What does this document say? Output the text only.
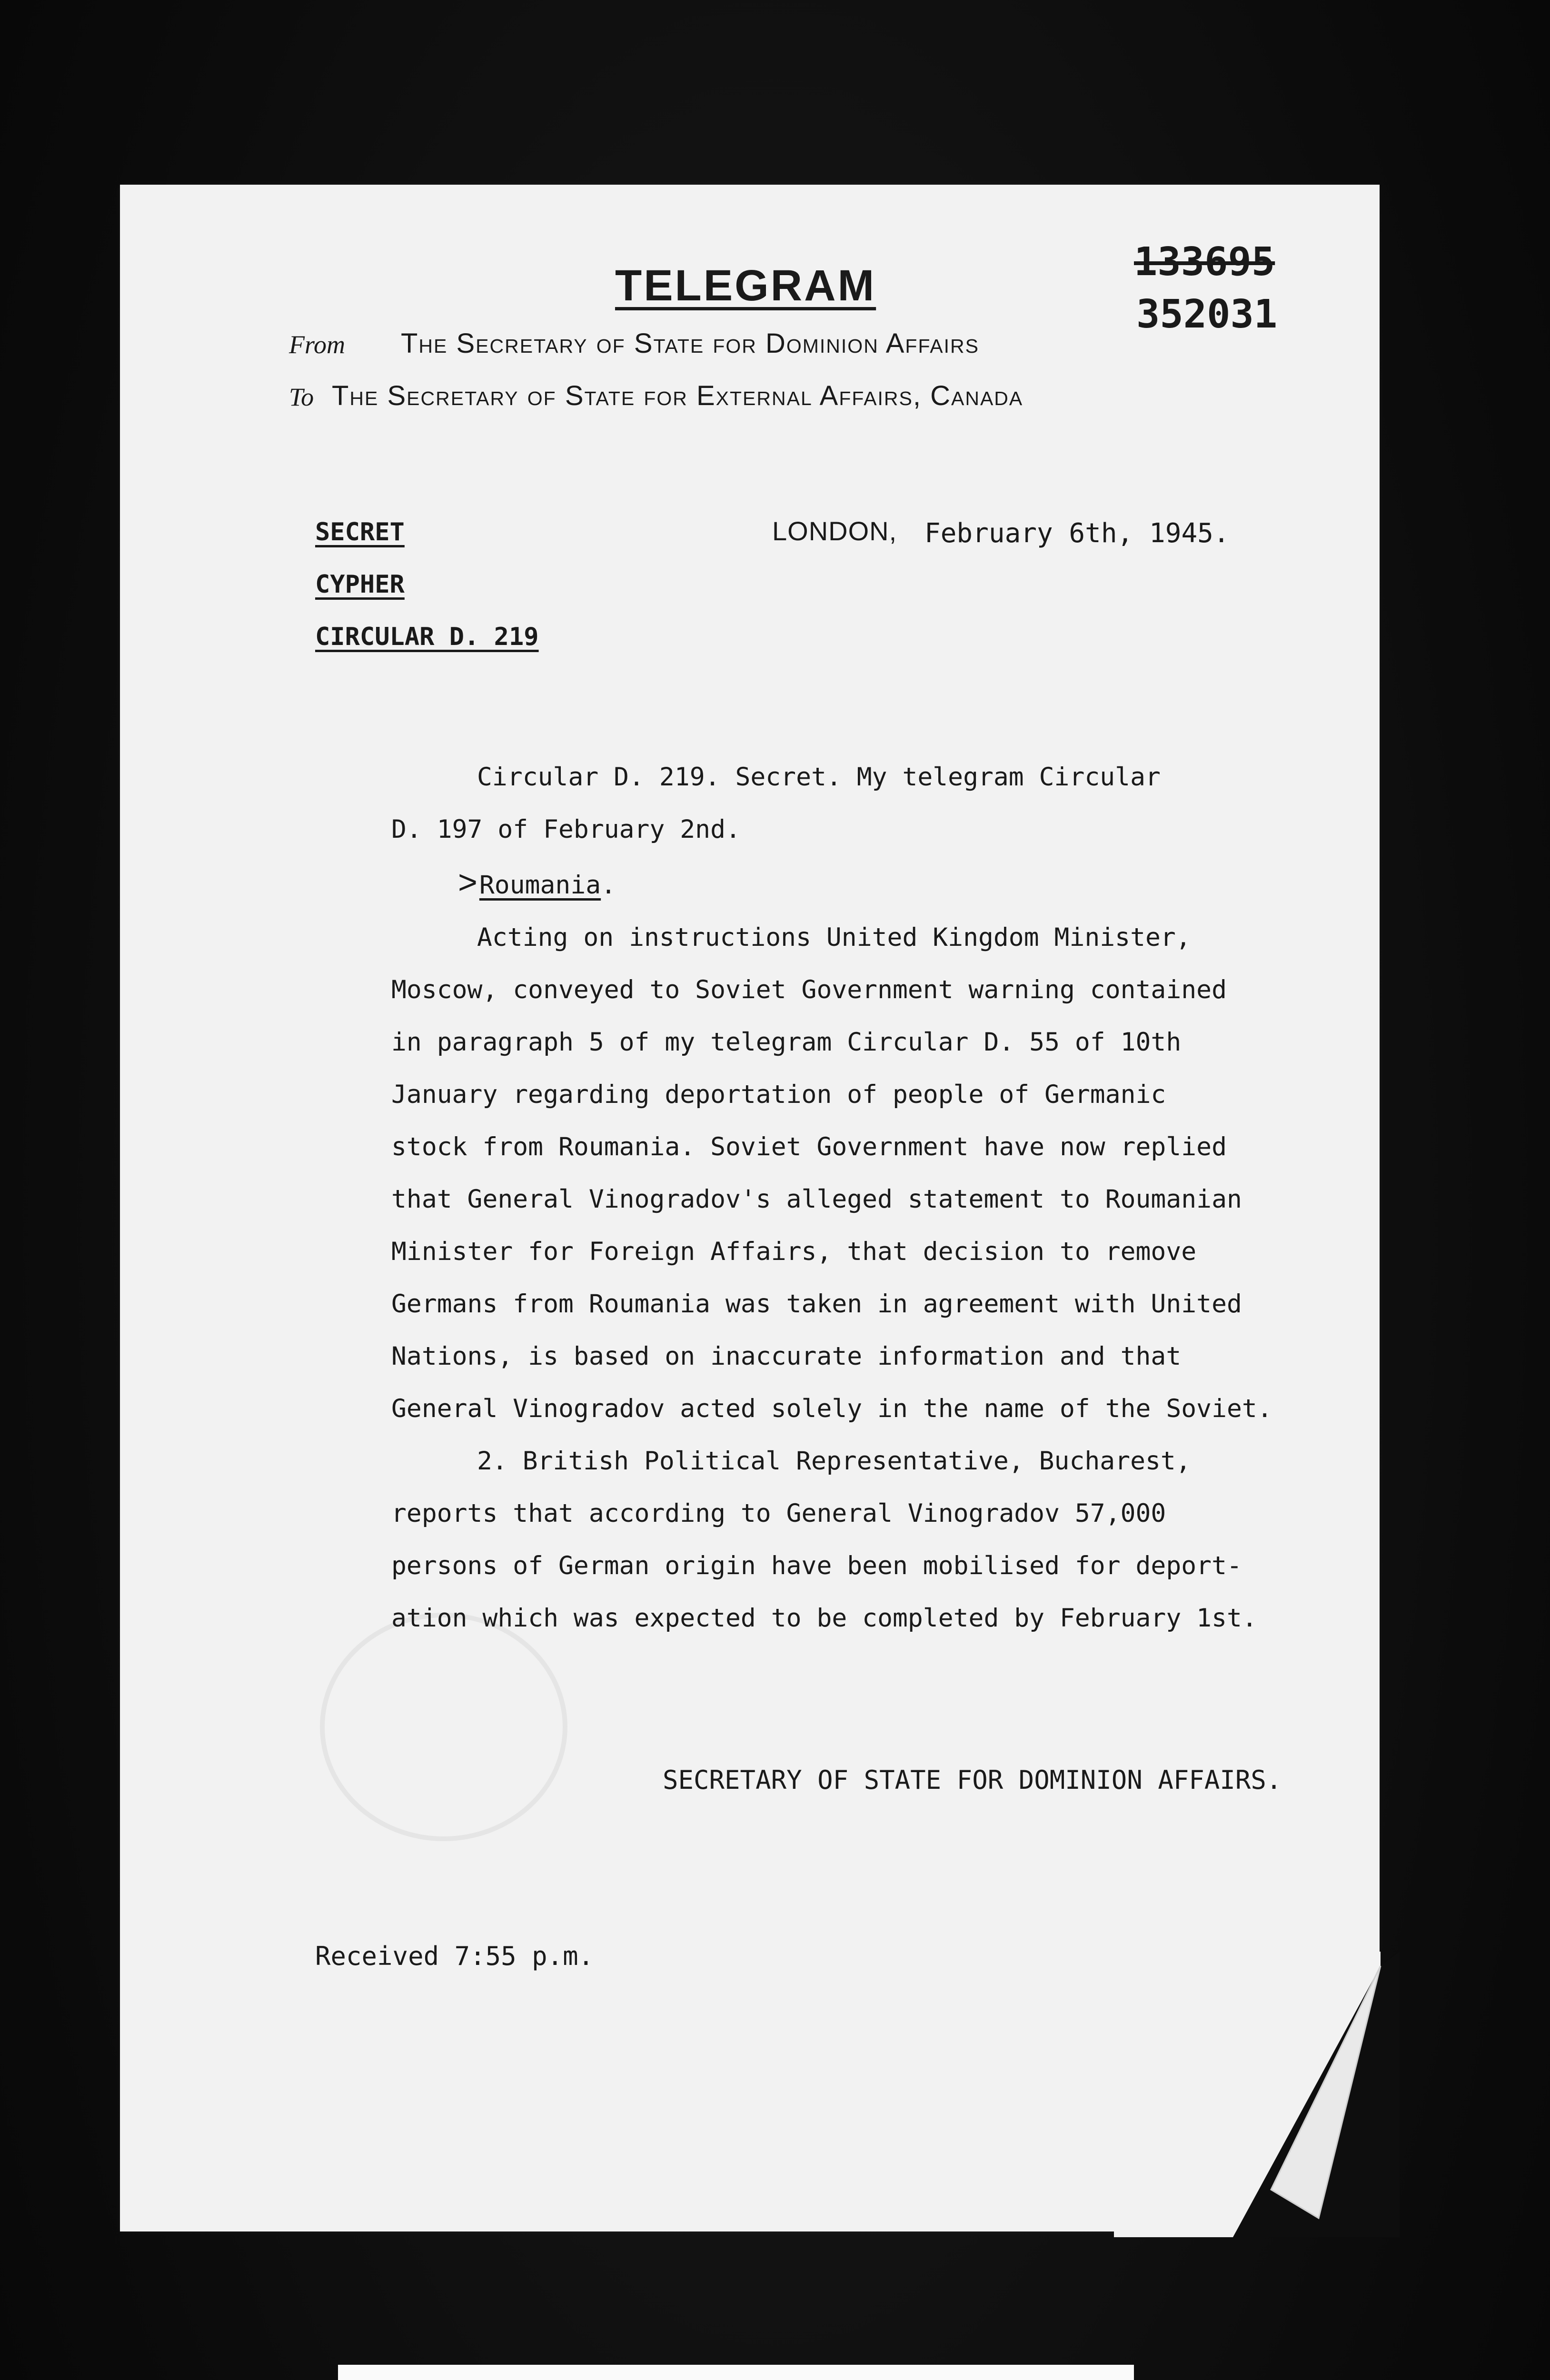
TELEGRAM	133695
352031
From The Secretary of State for Dominion Affairs
To The Secretary of State for External Affairs, Canada
SECRET
CYPHER
CIRCULAR D. 219
LONDON, February 6th, 1945.
Circular D. 219. Secret. My telegram Circular
D. 197 of February 2nd.
>Roumania.
Acting on instructions United Kingdom Minister,
Moscow, conveyed to Soviet Government warning contained
in paragraph 5 of my telegram Circular D. 55 of 10th
January regarding deportation of people of Germanic
stock from Roumania. Soviet Government have now replied
that General Vinogradov's alleged statement to Roumanian
Minister for Foreign Affairs, that decision to remove
Germans from Roumania was taken in agreement with United
Nations, is based on inaccurate information and that
General Vinogradov acted solely in the name of the Soviet.
2. British Political Representative, Bucharest,
reports that according to General Vinogradov 57,000
persons of German origin have been mobilised for deport-
ation which was expected to be completed by February 1st.
SECRETARY OF STATE FOR DOMINION AFFAIRS.
Received 7:55 p.m.
